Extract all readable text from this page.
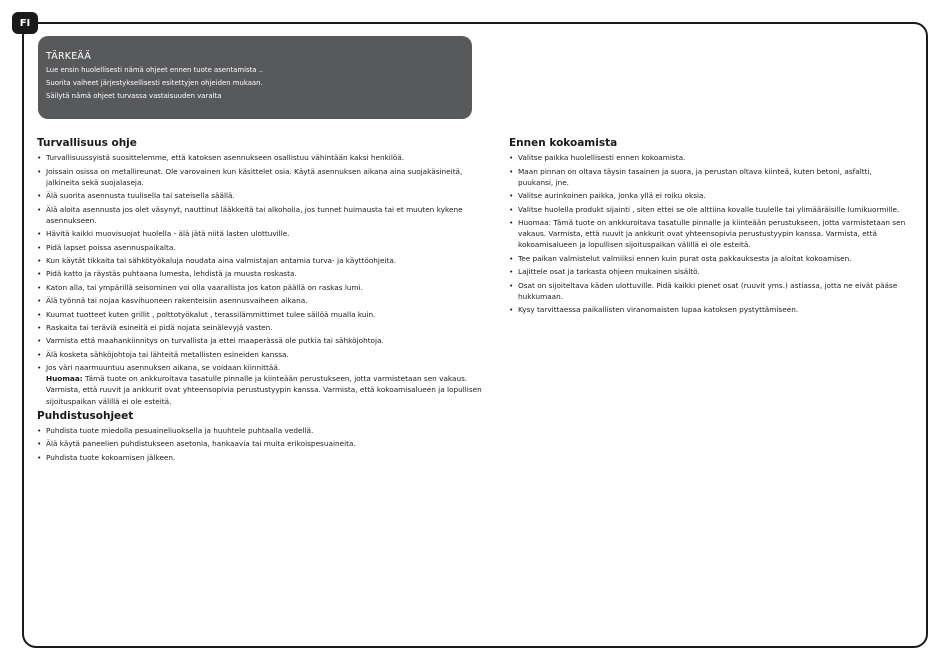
FI
TÄRKEÄÄ
Lue ensin huolellisesti nämä ohjeet ennen tuote asentamista ..
Suorita vaiheet järjestyksellisesti esitettyjen ohjeiden mukaan.
Säilytä nämä ohjeet turvassa vastaisuuden varalta
Turvallisuus ohje
• Turvallisuussyistä suosittelemme, että katoksen asennukseen osallistuu vähintään kaksi henkilöä.
• Joissain osissa on metallireunat. Ole varovainen kun käsittelet osia. Käytä asennuksen aikana aina suojakäsineitä, jalkineita sekä suojalaseja.
• Älä suorita asennusta tuulisella tai sateisella säällä.
• Älä aloita asennusta jos olet väsynyt, nauttinut lääkkeitä tai alkoholia, jos tunnet huimausta tai et muuten kykene asennukseen.
• Hävitä kaikki muovisuojat huolella - älä jätä niitä lasten ulottuville.
• Pidä lapset poissa asennuspaikalta.
• Kun käytät tikkaita tai sähkötyökaluja noudata aina valmistajan antamia turva- ja käyttöohjeita.
• Pidä katto ja räystäs puhtaana lumesta, lehdistä ja muusta roskasta.
• Katon alla, tai ympärillä seisominen voi olla vaarallista jos katon päällä on raskas lumi.
• Älä työnnä tai nojaa kasvihuoneen rakenteisiin asennusvaiheen aikana.
• Kuumat tuotteet kuten grillit , polttotyökalut , terassilämmittimet tulee säilöä mualla kuin.
• Raskaita tai teräviä esineitä ei pidä nojata seinälevyjä vasten.
• Varmista että maahankiinnitys on turvallista ja ettei maaperässä ole putkia tai sähköjohtoja.
• Älä kosketa sähköjohtoja tai lähteitä metallisten esineiden kanssa.
• Jos väri naarmuuntuu asennuksen aikana, se voidaan kiinnittää.
Huomaa: Tämä tuote on ankkuroitava tasatulle pinnalle ja kiinteään perustukseen, jotta varmistetaan sen vakaus. Varmista, että ruuvit ja ankkurit ovat yhteensopivia perustustyypin kanssa. Varmista, että kokoamisalueen ja lopullisen sijoituspaikan välillä ei ole esteitä.
Puhdistusohjeet
• Puhdista tuote miedolla pesuaineliuoksella ja huuhtele puhtaalla vedellä.
• Älä käytä paneelien puhdistukseen asetonia, hankaavia tai muita erikoispesuaineita.
• Puhdista tuote kokoamisen jälkeen.
Ennen kokoamista
• Valitse paikka huolellisesti ennen kokoamista.
• Maan pinnan on oltava täysin tasainen ja suora, ja perustan oltava kiinteä, kuten betoni, asfaltti, puukansi, jne.
• Valitse aurinkoinen paikka, jonka yllä ei roiku oksia.
• Valitse huolella produkt sijainti , siten ettei se ole alttiina kovalle tuulelle tai ylimääräisille lumikuormille.
• Huomaa: Tämä tuote on ankkuroitava tasatulle pinnalle ja kiinteään perustukseen, jotta varmistetaan sen vakaus. Varmista, että ruuvit ja ankkurit ovat yhteensopivia perustustyypin kanssa. Varmista, että kokoamisalueen ja lopullisen sijoituspaikan välillä ei ole esteitä.
• Tee paikan valmistelut valmiiksi ennen kuin purat osta pakkauksesta ja aloitat kokoamisen.
• Lajittele osat ja tarkasta ohjeen mukainen sisältö.
• Osat on sijoiteltava käden ulottuville. Pidä kaikki pienet osat (ruuvit yms.) astiassa, jotta ne eivät pääse hukkumaan.
• Kysy tarvittaessa paikallisten viranomaisten lupaa katoksen pystyttämiseen.
